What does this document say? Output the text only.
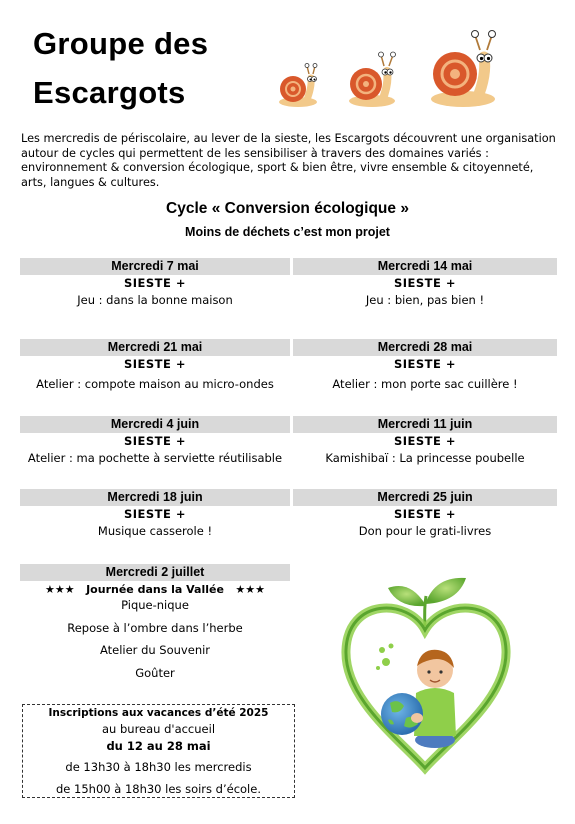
Groupe des
Escargots
Les mercredis de périscolaire, au lever de la sieste, les Escargots découvrent une organisation autour de cycles qui permettent de les sensibiliser à travers des domaines variés : environnement & conversion écologique, sport & bien être, vivre ensemble & citoyenneté, arts, langues & cultures.
Cycle « Conversion écologique »
Moins de déchets c’est mon projet
Mercredi 7 mai
SIESTE +
Jeu : dans la bonne maison
Mercredi 21 mai
SIESTE +
Atelier : compote maison au micro-ondes
Mercredi 4 juin
SIESTE +
Atelier : ma pochette à serviette réutilisable
Mercredi 18 juin
SIESTE +
Musique casserole !
Mercredi 14 mai
SIESTE +
Jeu : bien, pas bien !
Mercredi 28 mai
SIESTE +
Atelier : mon porte sac cuillère !
Mercredi 11 juin
SIESTE +
Kamishibaï : La princesse poubelle
Mercredi 25 juin
SIESTE +
Don pour le grati-livres
Mercredi 2 juillet
★★★ Journée dans la Vallée ★★★
Pique-nique
Repose à l’ombre dans l’herbe
Atelier du Souvenir
Goûter
Inscriptions aux vacances d’été 2025
au bureau d'accueil
du 12 au 28 mai
de 13h30 à 18h30 les mercredis
de 15h00 à 18h30 les soirs d’école.
